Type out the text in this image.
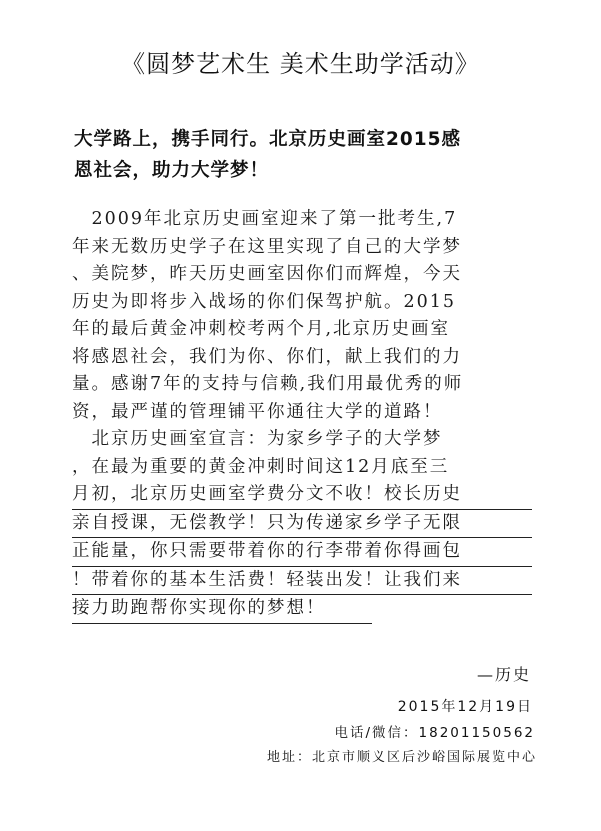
《圆梦艺术生 美术生助学活动》
大学路上，携手同行。北京历史画室2015感
恩社会，助力大学梦！
　2009年北京历史画室迎来了第一批考生,7
年来无数历史学子在这里实现了自己的大学梦
、美院梦，昨天历史画室因你们而辉煌，今天
历史为即将步入战场的你们保驾护航。2015
年的最后黄金冲刺校考两个月,北京历史画室
将感恩社会，我们为你、你们，献上我们的力
量。感谢7年的支持与信赖,我们用最优秀的师
资，最严谨的管理铺平你通往大学的道路！
　北京历史画室宣言：为家乡学子的大学梦
，在最为重要的黄金冲刺时间这12月底至三
月初，北京历史画室学费分文不收！校长历史
亲自授课，无偿教学！只为传递家乡学子无限
正能量，你只需要带着你的行李带着你得画包
！带着你的基本生活费！轻装出发！让我们来
接力助跑帮你实现你的梦想！
—历史
2015年12月19日
电话/微信：18201150562
地址：北京市顺义区后沙峪国际展览中心
